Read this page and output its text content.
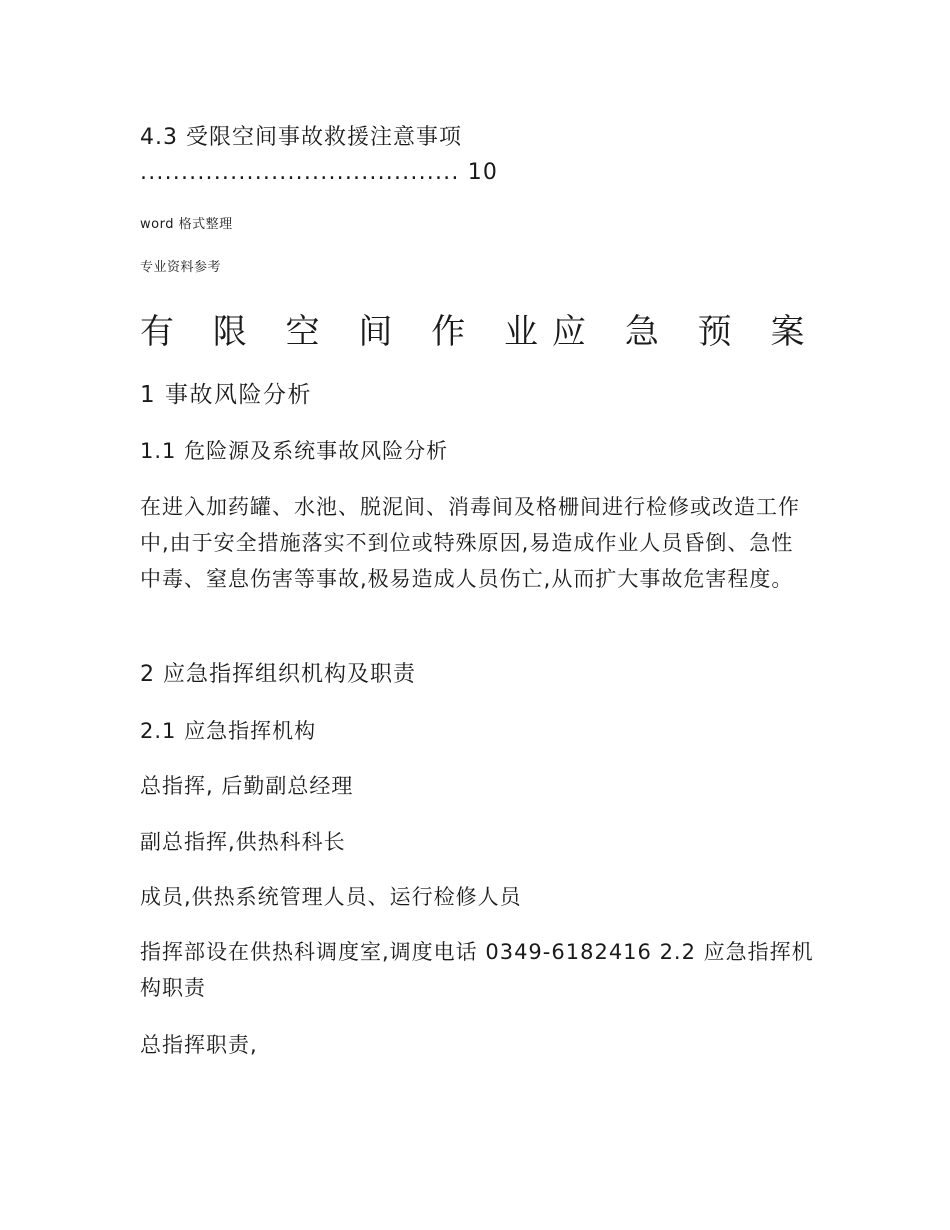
4.3 受限空间事故救援注意事项

....................................... 10

word 格式整理

专业资料参考

有 限 空 间 作 业应 急 预 案
1 事故风险分析
1.1 危险源及系统事故风险分析

在进入加药罐、水池、脱泥间、消毒间及格栅间进行检修或改造工作中,由于安全措施落实不到位或特殊原因,易造成作业人员昏倒、急性中毒、窒息伤害等事故,极易造成人员伤亡,从而扩大事故危害程度。

2 应急指挥组织机构及职责
2.1 应急指挥机构

总指挥, 后勤副总经理

副总指挥,供热科科长

成员,供热系统管理人员、运行检修人员

指挥部设在供热科调度室,调度电话 0349-6182416 2.2 应急指挥机构职责

总指挥职责,
